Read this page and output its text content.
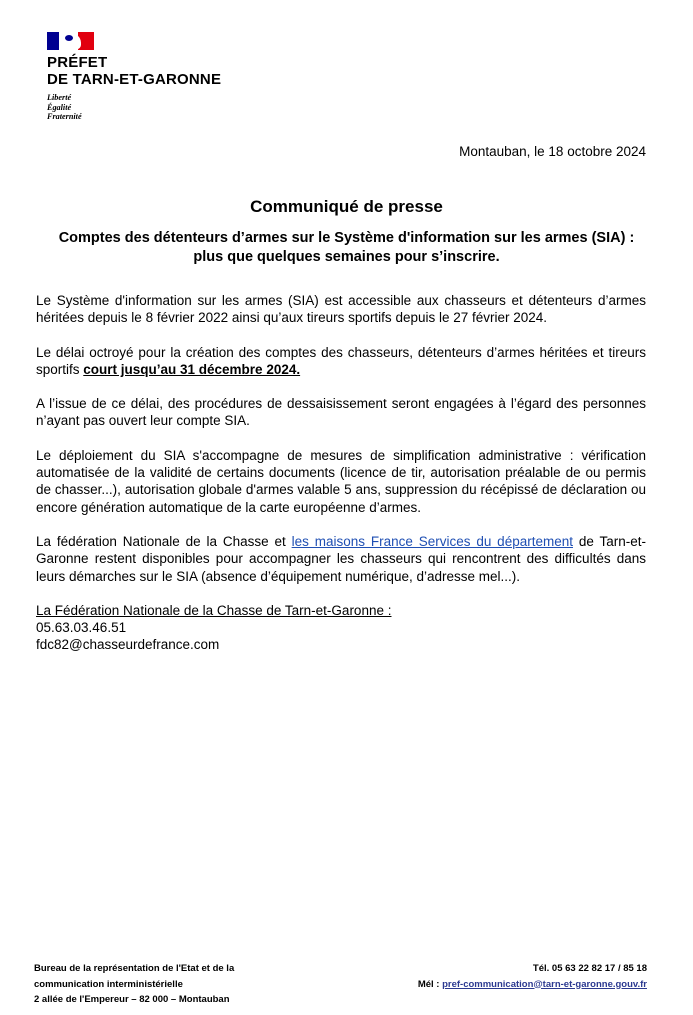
PRÉFET
DE TARN-ET-GARONNE
Liberté
Égalité
Fraternité
Montauban, le 18 octobre 2024
Communiqué de presse
Comptes des détenteurs d’armes sur le Système d'information sur les armes (SIA) : plus que quelques semaines pour s’inscrire.

Le Système d'information sur les armes (SIA) est accessible aux chasseurs et détenteurs d’armes héritées depuis le 8 février 2022 ainsi qu’aux tireurs sportifs depuis le 27 février 2024.

Le délai octroyé pour la création des comptes des chasseurs, détenteurs d’armes héritées et tireurs sportifs court jusqu’au 31 décembre 2024.

A l’issue de ce délai, des procédures de dessaisissement seront engagées à l’égard des personnes n’ayant pas ouvert leur compte SIA.

Le déploiement du SIA s'accompagne de mesures de simplification administrative : vérification automatisée de la validité de certains documents (licence de tir, autorisation préalable de ou permis de chasser...), autorisation globale d'armes valable 5 ans, suppression du récépissé de déclaration ou encore génération automatique de la carte européenne d’armes.

La fédération Nationale de la Chasse et les maisons France Services du département de Tarn-et-Garonne restent disponibles pour accompagner les chasseurs qui rencontrent des difficultés dans leurs démarches sur le SIA (absence d’équipement numérique, d’adresse mel...).

La Fédération Nationale de la Chasse de Tarn-et-Garonne :
05.63.03.46.51
fdc82@chasseurdefrance.com
Bureau de la représentation de l'Etat et de la
communication interministérielle
2 allée de l'Empereur – 82 000 – Montauban
Tél. 05 63 22 82 17 / 85 18
Mél : pref-communication@tarn-et-garonne.gouv.fr
